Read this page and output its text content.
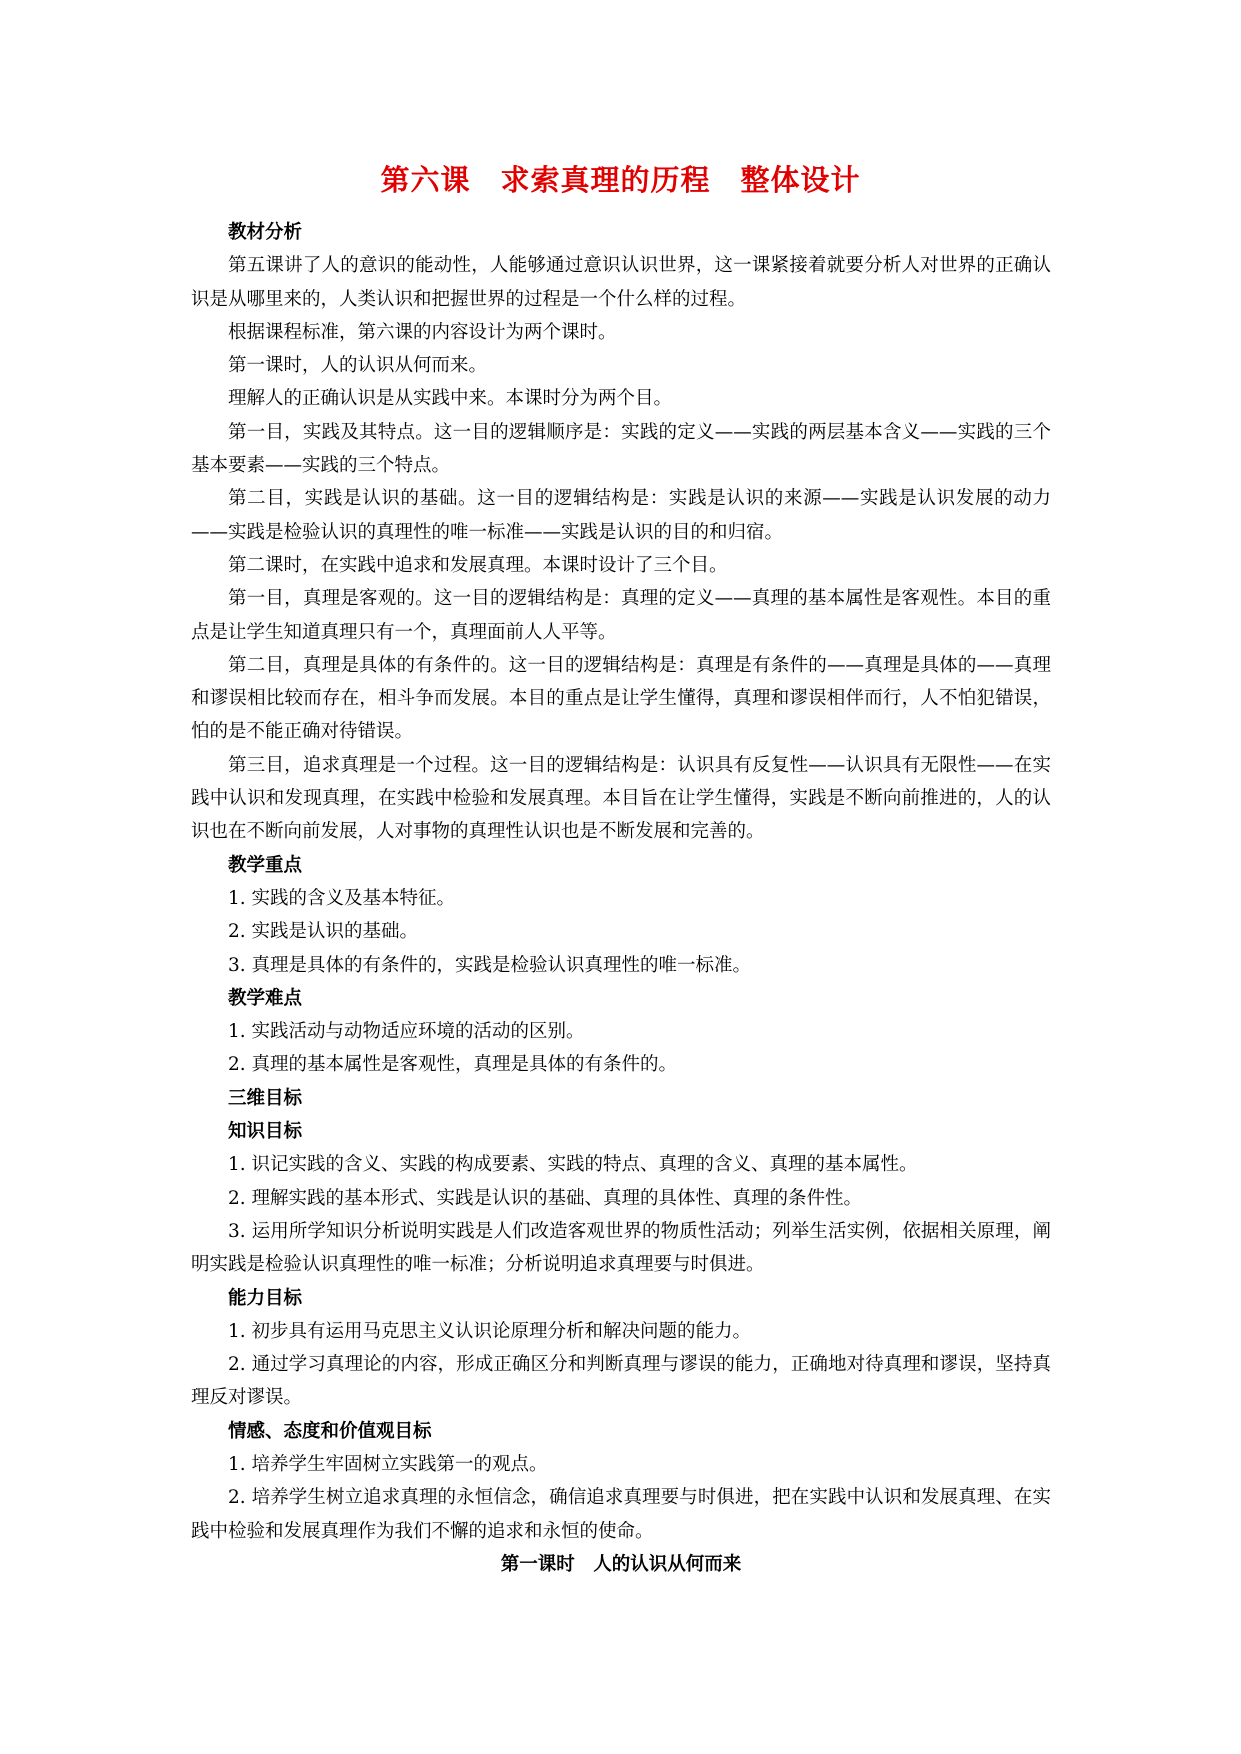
第六课　求索真理的历程　整体设计

教材分析

第五课讲了人的意识的能动性，人能够通过意识认识世界，这一课紧接着就要分析人对世界的正确认识是从哪里来的，人类认识和把握世界的过程是一个什么样的过程。

根据课程标准，第六课的内容设计为两个课时。

第一课时，人的认识从何而来。

理解人的正确认识是从实践中来。本课时分为两个目。

第一目，实践及其特点。这一目的逻辑顺序是：实践的定义——实践的两层基本含义——实践的三个基本要素——实践的三个特点。

第二目，实践是认识的基础。这一目的逻辑结构是：实践是认识的来源——实践是认识发展的动力——实践是检验认识的真理性的唯一标准——实践是认识的目的和归宿。

第二课时，在实践中追求和发展真理。本课时设计了三个目。

第一目，真理是客观的。这一目的逻辑结构是：真理的定义——真理的基本属性是客观性。本目的重点是让学生知道真理只有一个，真理面前人人平等。

第二目，真理是具体的有条件的。这一目的逻辑结构是：真理是有条件的——真理是具体的——真理和谬误相比较而存在，相斗争而发展。本目的重点是让学生懂得，真理和谬误相伴而行，人不怕犯错误，怕的是不能正确对待错误。

第三目，追求真理是一个过程。这一目的逻辑结构是：认识具有反复性——认识具有无限性——在实践中认识和发现真理，在实践中检验和发展真理。本目旨在让学生懂得，实践是不断向前推进的，人的认识也在不断向前发展，人对事物的真理性认识也是不断发展和完善的。

教学重点

1. 实践的含义及基本特征。

2. 实践是认识的基础。

3. 真理是具体的有条件的，实践是检验认识真理性的唯一标准。

教学难点

1. 实践活动与动物适应环境的活动的区别。

2. 真理的基本属性是客观性，真理是具体的有条件的。

三维目标

知识目标

1. 识记实践的含义、实践的构成要素、实践的特点、真理的含义、真理的基本属性。

2. 理解实践的基本形式、实践是认识的基础、真理的具体性、真理的条件性。

3. 运用所学知识分析说明实践是人们改造客观世界的物质性活动；列举生活实例，依据相关原理，阐明实践是检验认识真理性的唯一标准；分析说明追求真理要与时俱进。

能力目标

1. 初步具有运用马克思主义认识论原理分析和解决问题的能力。

2. 通过学习真理论的内容，形成正确区分和判断真理与谬误的能力，正确地对待真理和谬误，坚持真理反对谬误。

情感、态度和价值观目标

1. 培养学生牢固树立实践第一的观点。

2. 培养学生树立追求真理的永恒信念，确信追求真理要与时俱进，把在实践中认识和发展真理、在实践中检验和发展真理作为我们不懈的追求和永恒的使命。

第一课时　人的认识从何而来
